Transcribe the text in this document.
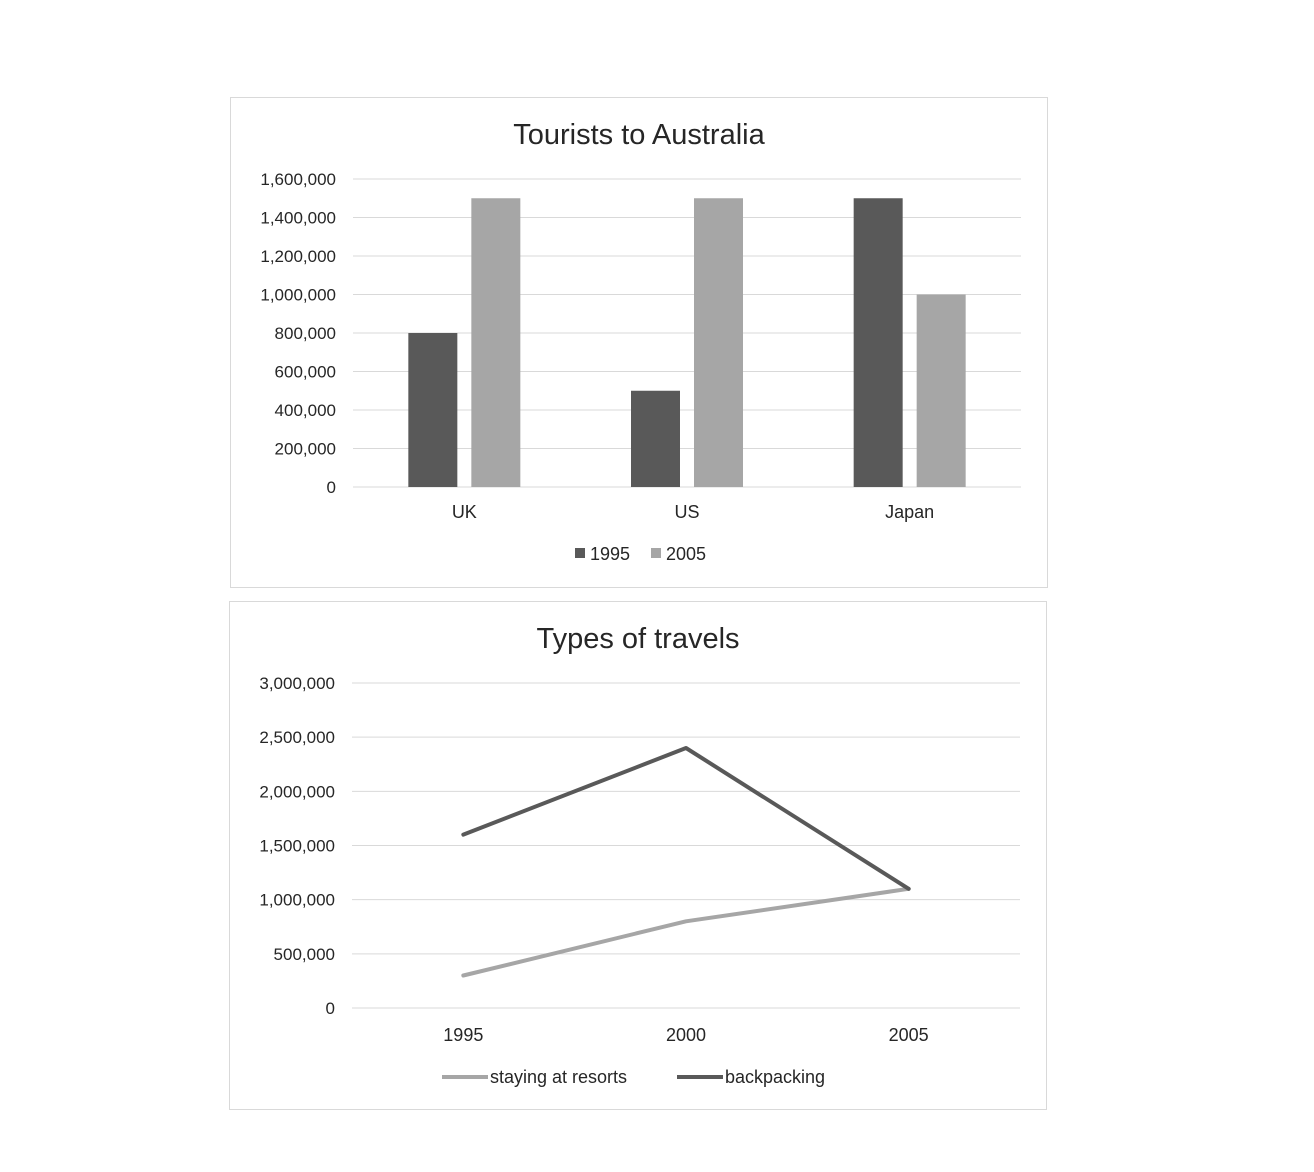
Tourists to Australia
0
200,000
400,000
600,000
800,000
1,000,000
1,200,000
1,400,000
1,600,000
UK	US	Japan
1995 2005
Types of travels
0
500,000
1,000,000
1,500,000
2,000,000
2,500,000
3,000,000
1995	2000	2005
staying at resorts	backpacking
